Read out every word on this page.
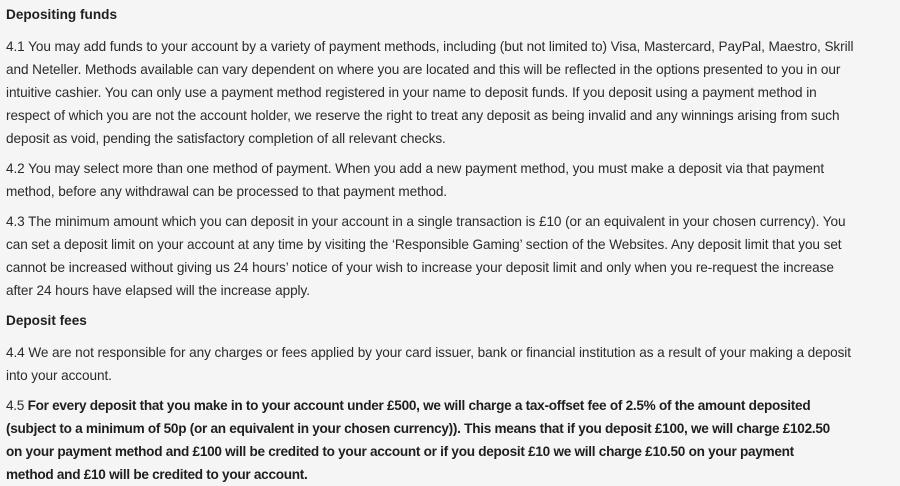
Depositing funds

4.1 You may add funds to your account by a variety of payment methods, including (but not limited to) Visa, Mastercard, PayPal, Maestro, Skrill
and Neteller. Methods available can vary dependent on where you are located and this will be reflected in the options presented to you in our
intuitive cashier. You can only use a payment method registered in your name to deposit funds. If you deposit using a payment method in
respect of which you are not the account holder, we reserve the right to treat any deposit as being invalid and any winnings arising from such
deposit as void, pending the satisfactory completion of all relevant checks.

4.2 You may select more than one method of payment. When you add a new payment method, you must make a deposit via that payment
method, before any withdrawal can be processed to that payment method.

4.3 The minimum amount which you can deposit in your account in a single transaction is £10 (or an equivalent in your chosen currency). You
can set a deposit limit on your account at any time by visiting the ‘Responsible Gaming’ section of the Websites. Any deposit limit that you set
cannot be increased without giving us 24 hours’ notice of your wish to increase your deposit limit and only when you re-request the increase
after 24 hours have elapsed will the increase apply.

Deposit fees

4.4 We are not responsible for any charges or fees applied by your card issuer, bank or financial institution as a result of your making a deposit
into your account.

4.5 For every deposit that you make in to your account under £500, we will charge a tax-offset fee of 2.5% of the amount deposited
(subject to a minimum of 50p (or an equivalent in your chosen currency)). This means that if you deposit £100, we will charge £102.50
on your payment method and £100 will be credited to your account or if you deposit £10 we will charge £10.50 on your payment
method and £10 will be credited to your account.
